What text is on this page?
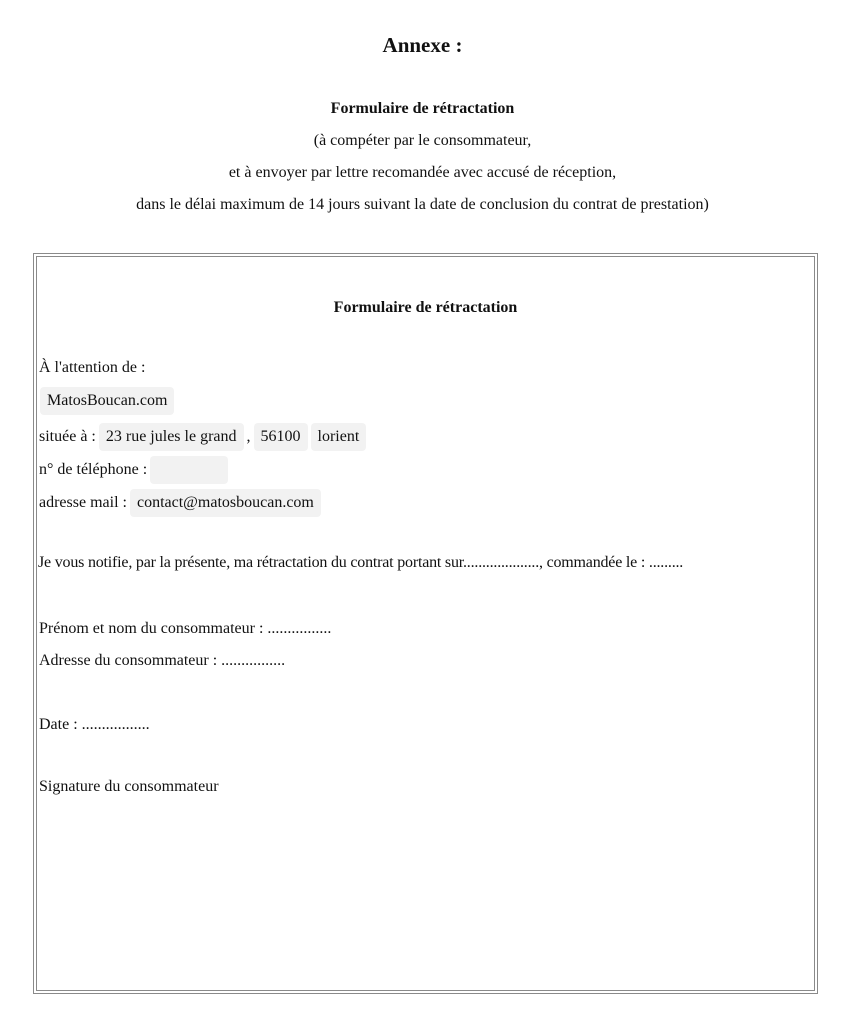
Annexe :
Formulaire de rétractation
(à compéter par le consommateur,
et à envoyer par lettre recomandée avec accusé de réception,
dans le délai maximum de 14 jours suivant la date de conclusion du contrat de prestation)
Formulaire de rétractation
À l'attention de :
MatosBoucan.com
située à : 23 rue jules le grand , 56100	lorient
n° de téléphone :
adresse mail : contact@matosboucan.com
Je vous notifie, par la présente, ma rétractation du contrat portant sur...................., commandée le : .........
Prénom et nom du consommateur : ................
Adresse du consommateur : ................
Date : .................
Signature du consommateur
